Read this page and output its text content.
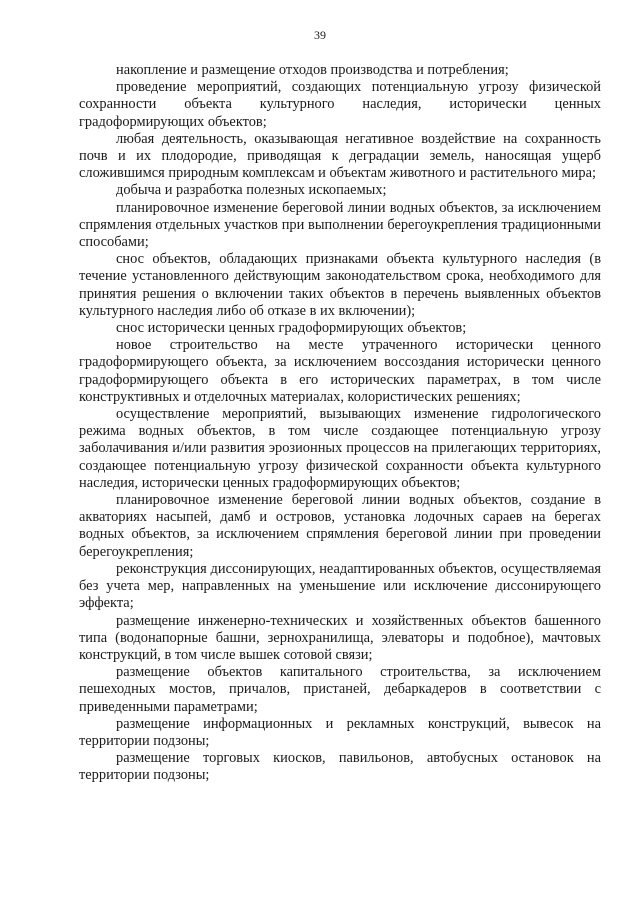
39

накопление и размещение отходов производства и потребления;

проведение мероприятий, создающих потенциальную угрозу физической сохранности объекта культурного наследия, исторически ценных градоформирующих объектов;

любая деятельность, оказывающая негативное воздействие на сохранность почв и их плодородие, приводящая к деградации земель, наносящая ущерб сложившимся природным комплексам и объектам животного и растительного мира;

добыча и разработка полезных ископаемых;

планировочное изменение береговой линии водных объектов, за исключением спрямления отдельных участков при выполнении берегоукрепления традиционными способами;

снос объектов, обладающих признаками объекта культурного наследия (в течение установленного действующим законодательством срока, необходимого для принятия решения о включении таких объектов в перечень выявленных объектов культурного наследия либо об отказе в их включении);

снос исторически ценных градоформирующих объектов;

новое строительство на месте утраченного исторически ценного градоформирующего объекта, за исключением воссоздания исторически ценного градоформирующего объекта в его исторических параметрах, в том числе конструктивных и отделочных материалах, колористических решениях;

осуществление мероприятий, вызывающих изменение гидрологического режима водных объектов, в том числе создающее потенциальную угрозу заболачивания и/или развития эрозионных процессов на прилегающих территориях, создающее потенциальную угрозу физической сохранности объекта культурного наследия, исторически ценных градоформирующих объектов;

планировочное изменение береговой линии водных объектов, создание в акваториях насыпей, дамб и островов, установка лодочных сараев на берегах водных объектов, за исключением спрямления береговой линии при проведении берегоукрепления;

реконструкция диссонирующих, неадаптированных объектов, осуществляемая без учета мер, направленных на уменьшение или исключение диссонирующего эффекта;

размещение инженерно-технических и хозяйственных объектов башенного типа (водонапорные башни, зернохранилища, элеваторы и подобное), мачтовых конструкций, в том числе вышек сотовой связи;

размещение объектов капитального строительства, за исключением пешеходных мостов, причалов, пристаней, дебаркадеров в соответствии с приведенными параметрами;

размещение информационных и рекламных конструкций, вывесок на территории подзоны;

размещение торговых киосков, павильонов, автобусных остановок на территории подзоны;
